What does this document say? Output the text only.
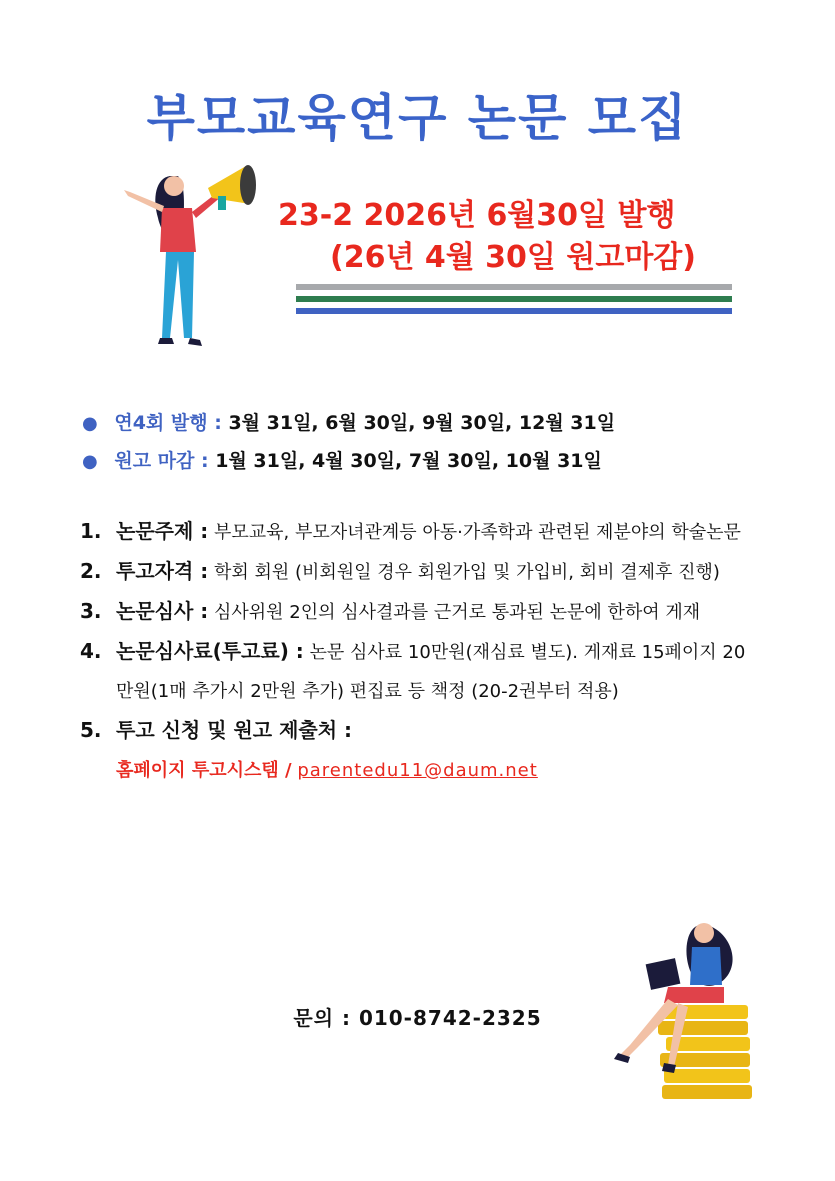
부모교육연구 논문 모집
23-2 2026년 6월30일 발행
(26년 4월 30일 원고마감)
● 연4회 발행 : 3월 31일, 6월 30일, 9월 30일, 12월 31일
● 원고 마감 : 1월 31일, 4월 30일, 7월 30일, 10월 31일
1. 논문주제 : 부모교육, 부모자녀관계등 아동·가족학과 관련된 제분야의 학술논문
2. 투고자격 : 학회 회원 (비회원일 경우 회원가입 및 가입비, 회비 결제후 진행)
3. 논문심사 : 심사위원 2인의 심사결과를 근거로 통과된 논문에 한하여 게재
4. 논문심사료(투고료) : 논문 심사료 10만원(재심료 별도). 게재료 15페이지 20만원(1매 추가시 2만원 추가) 편집료 등 책정 (20-2권부터 적용)
5. 투고 신청 및 원고 제출처 :
홈페이지 투고시스템 / parentedu11@daum.net
문의 : 010-8742-2325
